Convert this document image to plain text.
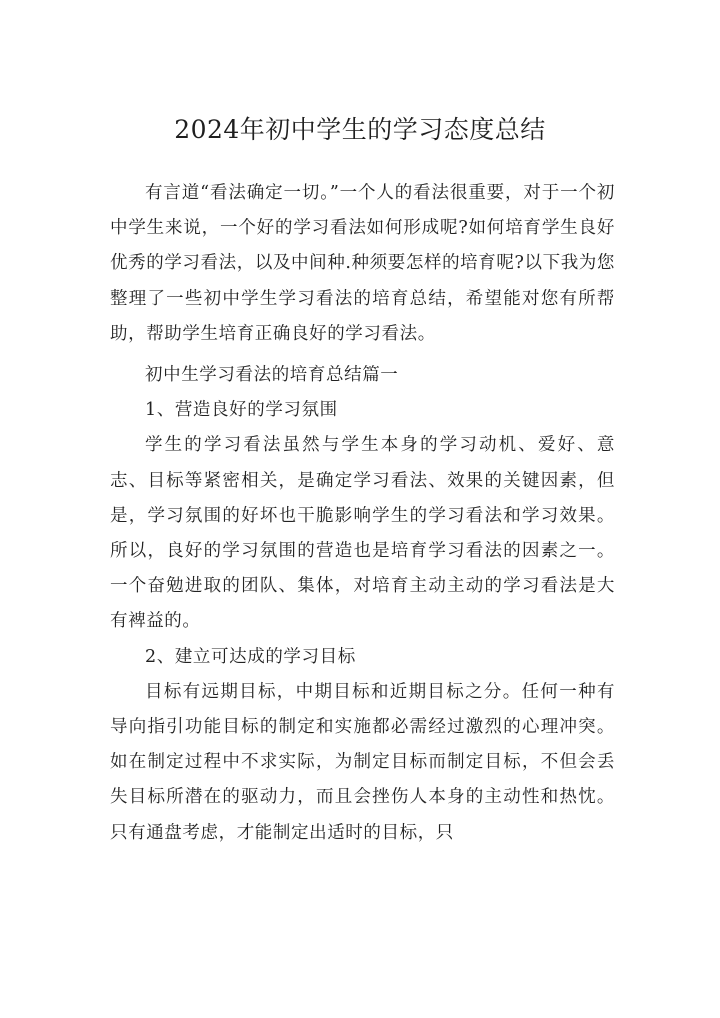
2024年初中学生的学习态度总结

有言道“看法确定一切。”一个人的看法很重要，对于一个初中学生来说，一个好的学习看法如何形成呢?如何培育学生良好优秀的学习看法，以及中间种.种须要怎样的培育呢?以下我为您整理了一些初中学生学习看法的培育总结，希望能对您有所帮助，帮助学生培育正确良好的学习看法。

初中生学习看法的培育总结篇一

1、营造良好的学习氛围

学生的学习看法虽然与学生本身的学习动机、爱好、意志、目标等紧密相关，是确定学习看法、效果的关键因素，但是，学习氛围的好坏也干脆影响学生的学习看法和学习效果。所以，良好的学习氛围的营造也是培育学习看法的因素之一。一个奋勉进取的团队、集体，对培育主动主动的学习看法是大有裨益的。

2、建立可达成的学习目标

目标有远期目标，中期目标和近期目标之分。任何一种有导向指引功能目标的制定和实施都必需经过激烈的心理冲突。如在制定过程中不求实际，为制定目标而制定目标，不但会丢失目标所潜在的驱动力，而且会挫伤人本身的主动性和热忱。只有通盘考虑，才能制定出适时的目标，只
